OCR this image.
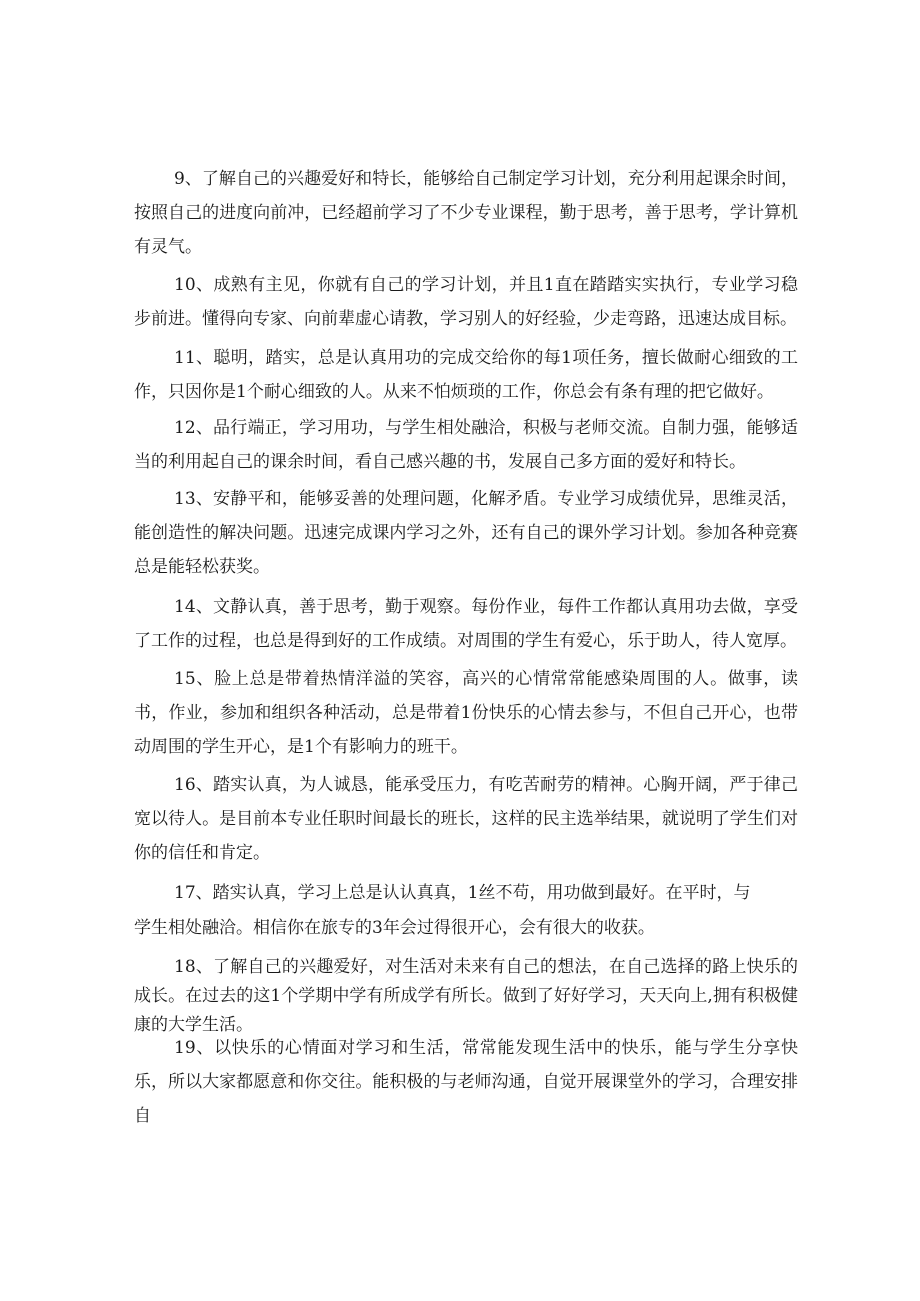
9、了解自己的兴趣爱好和特长，能够给自己制定学习计划，充分利用起课余时间，按照自己的进度向前冲，已经超前学习了不少专业课程，勤于思考，善于思考，学计算机有灵气。

10、成熟有主见，你就有自己的学习计划，并且1直在踏踏实实执行，专业学习稳步前进。懂得向专家、向前辈虚心请教，学习别人的好经验，少走弯路，迅速达成目标。

11、聪明，踏实，总是认真用功的完成交给你的每1项任务，擅长做耐心细致的工作，只因你是1个耐心细致的人。从来不怕烦琐的工作，你总会有条有理的把它做好。

12、品行端正，学习用功，与学生相处融洽，积极与老师交流。自制力强，能够适当的利用起自己的课余时间，看自己感兴趣的书，发展自己多方面的爱好和特长。

13、安静平和，能够妥善的处理问题，化解矛盾。专业学习成绩优异，思维灵活，能创造性的解决问题。迅速完成课内学习之外，还有自己的课外学习计划。参加各种竞赛总是能轻松获奖。

14、文静认真，善于思考，勤于观察。每份作业，每件工作都认真用功去做，享受了工作的过程，也总是得到好的工作成绩。对周围的学生有爱心，乐于助人，待人宽厚。

15、脸上总是带着热情洋溢的笑容，高兴的心情常常能感染周围的人。做事，读书，作业，参加和组织各种活动，总是带着1份快乐的心情去参与，不但自己开心，也带动周围的学生开心，是1个有影响力的班干。

16、踏实认真，为人诚恳，能承受压力，有吃苦耐劳的精神。心胸开阔，严于律己宽以待人。是目前本专业任职时间最长的班长，这样的民主选举结果，就说明了学生们对你的信任和肯定。

17、踏实认真，学习上总是认认真真，1丝不苟，用功做到最好。在平时，与

学生相处融洽。相信你在旅专的3年会过得很开心，会有很大的收获。

18、了解自己的兴趣爱好，对生活对未来有自己的想法，在自己选择的路上快乐的成长。在过去的这1个学期中学有所成学有所长。做到了好好学习，天天向上,拥有积极健康的大学生活。

19、以快乐的心情面对学习和生活，常常能发现生活中的快乐，能与学生分享快乐，所以大家都愿意和你交往。能积极的与老师沟通，自觉开展课堂外的学习，合理安排自
